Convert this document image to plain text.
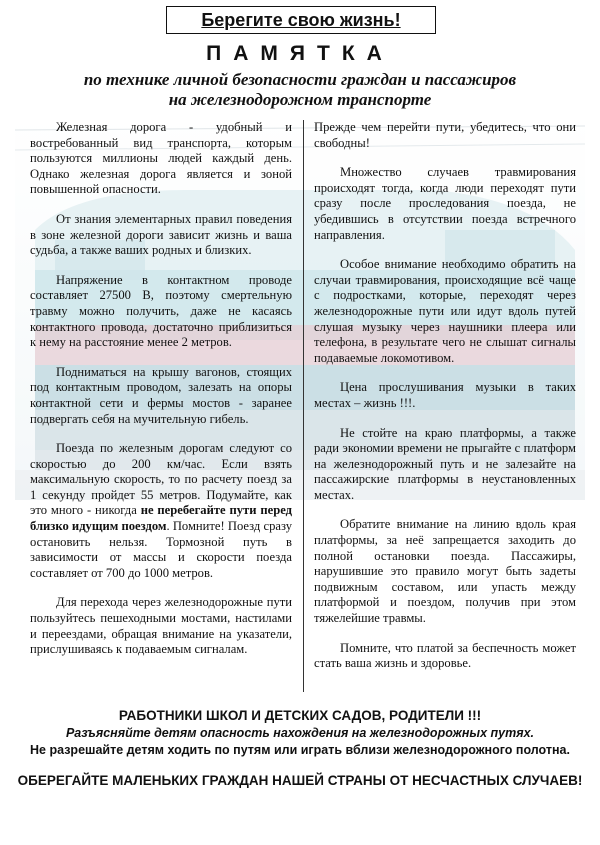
Берегите свою жизнь!
ПАМЯТКА
по технике личной безопасности граждан и пассажиров
на железнодорожном транспорте

Железная дорога - удобный и востребованный вид транспорта, которым пользуются миллионы людей каждый день. Однако железная дорога является и зоной повышенной опасности.

От знания элементарных правил поведения в зоне железной дороги зависит жизнь и ваша судьба, а также ваших родных и близких.

Напряжение в контактном проводе составляет 27500 В, поэтому смертельную травму можно получить, даже не касаясь контактного провода, достаточно приблизиться к нему на расстояние менее 2 метров.

Подниматься на крышу вагонов, стоящих под контактным проводом, залезать на опоры контактной сети и фермы мостов - заранее подвергать себя на мучительную гибель.

Поезда по железным дорогам следуют со скоростью до 200 км/час. Если взять максимальную скорость, то по расчету поезд за 1 секунду пройдет 55 метров. Подумайте, как это много - никогда не перебегайте пути перед близко идущим поездом. Помните! Поезд сразу остановить нельзя. Тормозной путь в зависимости от массы и скорости поезда составляет от 700 до 1000 метров.

Для перехода через железнодорожные пути пользуйтесь пешеходными мостами, настилами и переездами, обращая внимание на указатели, прислушиваясь к подаваемым сигналам.

Прежде чем перейти пути, убедитесь, что они свободны!

Множество случаев травмирования происходят тогда, когда люди переходят пути сразу после проследования поезда, не убедившись в отсутствии поезда встречного направления.

Особое внимание необходимо обратить на случаи травмирования, происходящие всё чаще с подростками, которые, переходят через железнодорожные пути или идут вдоль путей слушая музыку через наушники плеера или телефона, в результате чего не слышат сигналы подаваемые локомотивом.

Цена прослушивания музыки в таких местах – жизнь !!!.

Не стойте на краю платформы, а также ради экономии времени не прыгайте с платформ на железнодорожный путь и не залезайте на пассажирские платформы в неустановленных местах.

Обратите внимание на линию вдоль края платформы, за неё запрещается заходить до полной остановки поезда. Пассажиры, нарушившие это правило могут быть задеты подвижным составом, или упасть между платформой и поездом, получив при этом тяжелейшие травмы.

Помните, что платой за беспечность может стать ваша жизнь и здоровье.

РАБОТНИКИ ШКОЛ И ДЕТСКИХ САДОВ, РОДИТЕЛИ !!!
Разъясняйте детям опасность нахождения на железнодорожных путях.
Не разрешайте детям ходить по путям или играть вблизи железнодорожного полотна.
ОБЕРЕГАЙТЕ МАЛЕНЬКИХ ГРАЖДАН НАШЕЙ СТРАНЫ ОТ НЕСЧАСТНЫХ СЛУЧАЕВ!
